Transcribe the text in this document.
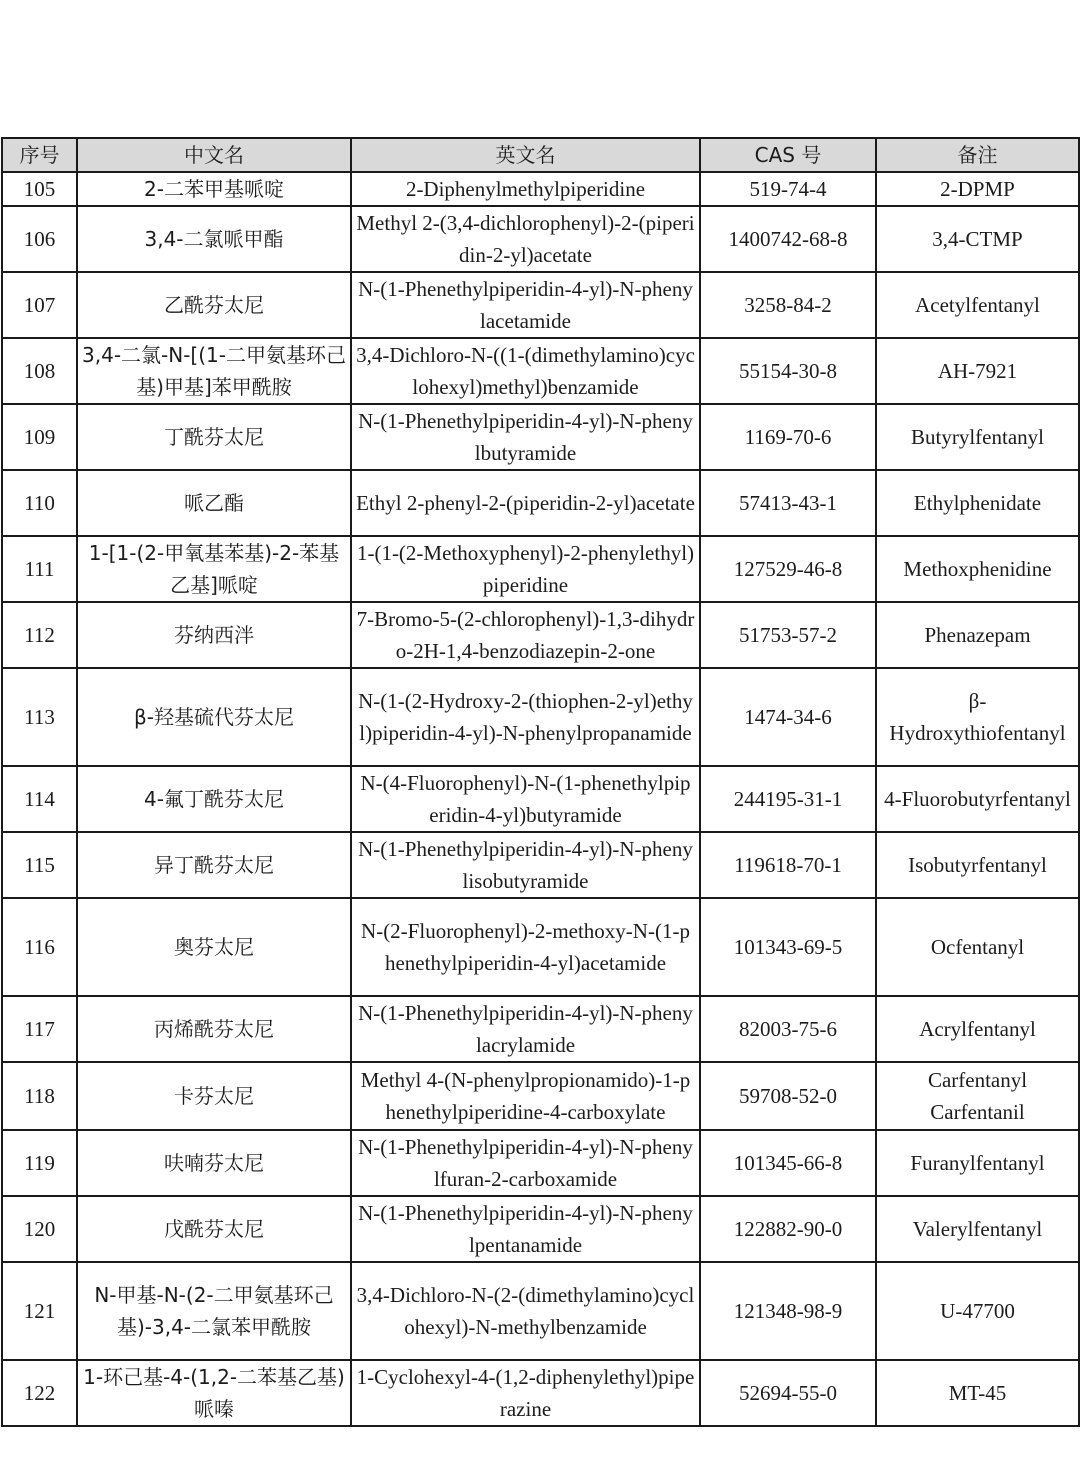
序号	中文名	英文名	CAS 号	备注
105	2-二苯甲基哌啶	2-Diphenylmethylpiperidine	519-74-4	2-DPMP
106	3,4-二氯哌甲酯	Methyl 2-(3,4-dichlorophenyl)-2-(piperidin-2-yl)acetate	1400742-68-8	3,4-CTMP
107	乙酰芬太尼	N-(1-Phenethylpiperidin-4-yl)-N-phenylacetamide	3258-84-2	Acetylfentanyl
108	3,4-二氯-N-[(1-二甲氨基环己基)甲基]苯甲酰胺	3,4-Dichloro-N-((1-(dimethylamino)cyclohexyl)methyl)benzamide	55154-30-8	AH-7921
109	丁酰芬太尼	N-(1-Phenethylpiperidin-4-yl)-N-phenylbutyramide	1169-70-6	Butyrylfentanyl
110	哌乙酯	Ethyl 2-phenyl-2-(piperidin-2-yl)acetate	57413-43-1	Ethylphenidate
111	1-[1-(2-甲氧基苯基)-2-苯基乙基]哌啶	1-(1-(2-Methoxyphenyl)-2-phenylethyl)piperidine	127529-46-8	Methoxphenidine
112	芬纳西泮	7-Bromo-5-(2-chlorophenyl)-1,3-dihydro-2H-1,4-benzodiazepin-2-one	51753-57-2	Phenazepam
113	β-羟基硫代芬太尼	N-(1-(2-Hydroxy-2-(thiophen-2-yl)ethyl)piperidin-4-yl)-N-phenylpropanamide	1474-34-6	β-Hydroxythiofentanyl
114	4-氟丁酰芬太尼	N-(4-Fluorophenyl)-N-(1-phenethylpiperidin-4-yl)butyramide	244195-31-1	4-Fluorobutyrfentanyl
115	异丁酰芬太尼	N-(1-Phenethylpiperidin-4-yl)-N-phenylisobutyramide	119618-70-1	Isobutyrfentanyl
116	奥芬太尼	N-(2-Fluorophenyl)-2-methoxy-N-(1-phenethylpiperidin-4-yl)acetamide	101343-69-5	Ocfentanyl
117	丙烯酰芬太尼	N-(1-Phenethylpiperidin-4-yl)-N-phenylacrylamide	82003-75-6	Acrylfentanyl
118	卡芬太尼	Methyl 4-(N-phenylpropionamido)-1-phenethylpiperidine-4-carboxylate	59708-52-0	Carfentanyl Carfentanil
119	呋喃芬太尼	N-(1-Phenethylpiperidin-4-yl)-N-phenylfuran-2-carboxamide	101345-66-8	Furanylfentanyl
120	戊酰芬太尼	N-(1-Phenethylpiperidin-4-yl)-N-phenylpentanamide	122882-90-0	Valerylfentanyl
121	N-甲基-N-(2-二甲氨基环己基)-3,4-二氯苯甲酰胺	3,4-Dichloro-N-(2-(dimethylamino)cyclohexyl)-N-methylbenzamide	121348-98-9	U-47700
122	1-环己基-4-(1,2-二苯基乙基)哌嗪	1-Cyclohexyl-4-(1,2-diphenylethyl)piperazine	52694-55-0	MT-45
